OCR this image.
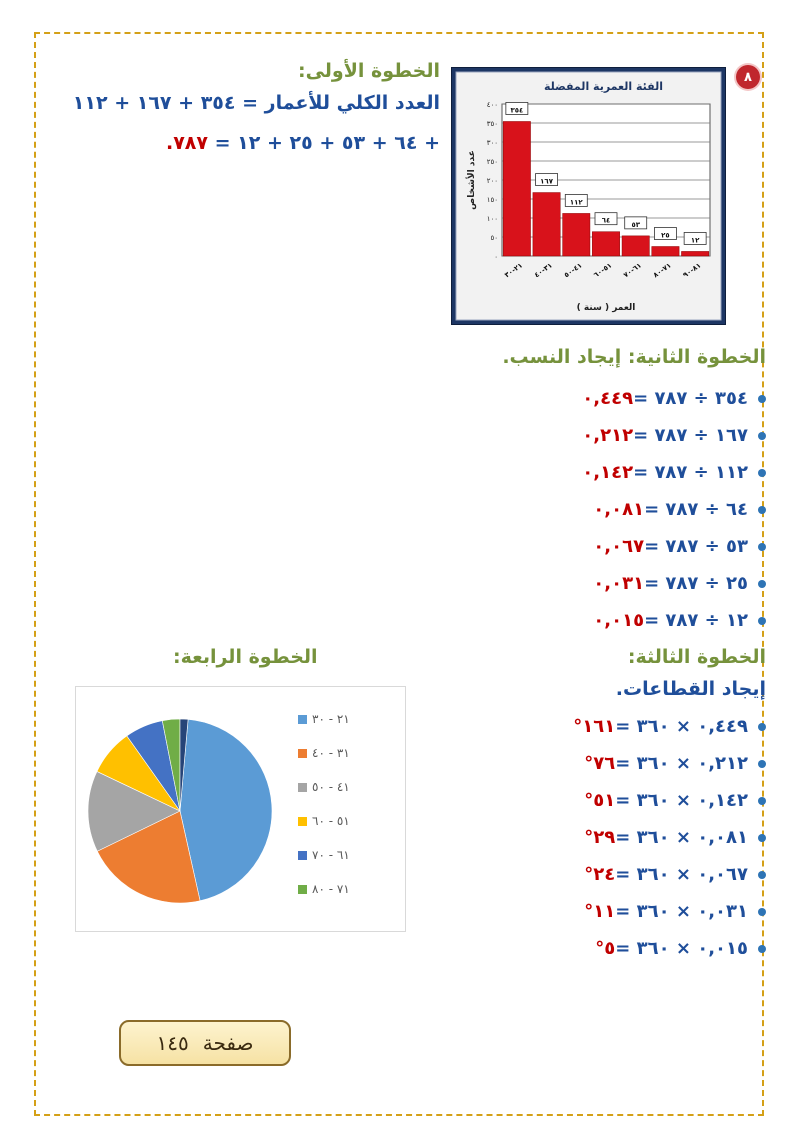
الخطوة الأولى:
العدد الكلي للأعمار = ٣٥٤ + ١٦٧ + ١١٢
+ ٦٤ + ٥٣ + ٢٥ + ١٢ = ٧٨٧.
٨
الفئة العمرية المفضلة
٠
٥٠
١٠٠
١٥٠
٢٠٠
٢٥٠
٣٠٠
٣٥٠
٤٠٠
عدد الأشخاص
٣٥٤
٢١-٣٠
١٦٧
٣١-٤٠
١١٢
٤١-٥٠
٦٤
٥١-٦٠
٥٣
٦١-٧٠
٢٥
٧١-٨٠
١٢
٨١-٩٠
العمر ( سنة )
الخطوة الثانية: إيجاد النسب.
٣٥٤ ÷ ٧٨٧ =
٠,٤٤٩
١٦٧ ÷ ٧٨٧ =
٠,٢١٢
١١٢ ÷ ٧٨٧ =
٠,١٤٢
٦٤ ÷ ٧٨٧ =
٠,٠٨١
٥٣ ÷ ٧٨٧ =
٠,٠٦٧
٢٥ ÷ ٧٨٧ =
٠,٠٣١
١٢ ÷ ٧٨٧ =
٠,٠١٥
الخطوة الثالثة:
إيجاد القطاعات.
٠,٤٤٩ × ٣٦٠ =
١٦١°
٠,٢١٢ × ٣٦٠ =
٧٦°
٠,١٤٢ × ٣٦٠ =
٥١°
٠,٠٨١ × ٣٦٠ =
٢٩°
٠,٠٦٧ × ٣٦٠ =
٢٤°
٠,٠٣١ × ٣٦٠ =
١١°
٠,٠١٥ × ٣٦٠ =
٥°
الخطوة الرابعة:
٢١ - ٣٠
٣١ - ٤٠
٤١ - ٥٠
٥١ - ٦٠
٦١ - ٧٠
٧١ - ٨٠
صفحة
١٤٥
